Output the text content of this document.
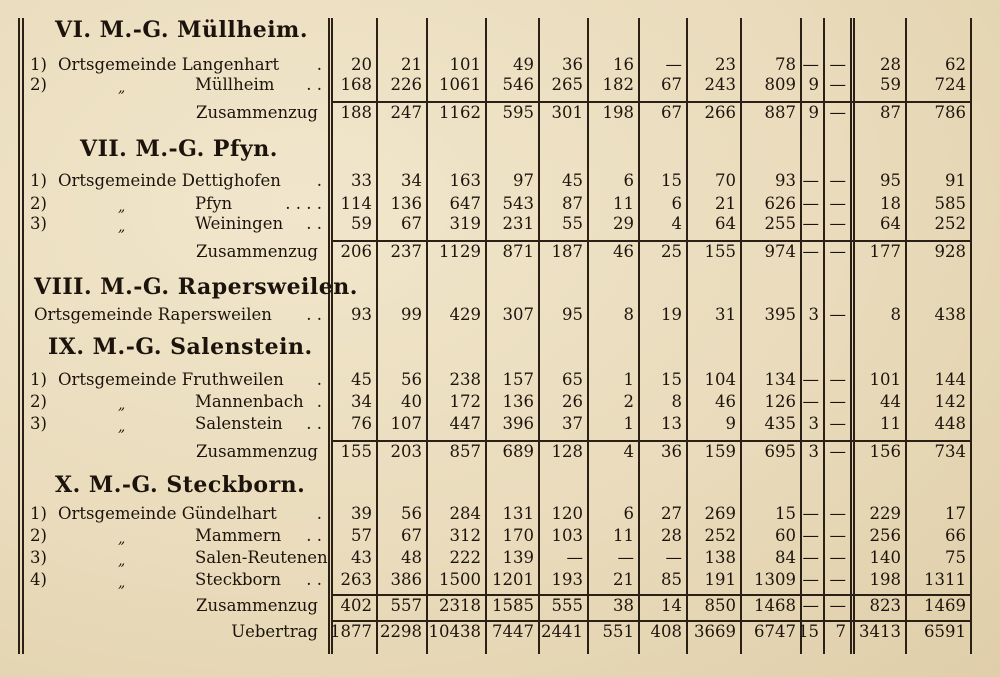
VI. M.-G. Müllheim.
1) Ortsgemeinde Langenhart . 20 21 101 49 36 16 — 23 78 — — 28	62
2)	„	Müllheim . . 168 226 1061 546 265 182 67 243 809 9 — 59 724
Zusammenzug 188 247 1162 595 301 198 67 266 887 9 — 87 786
VII. M.-G. Pfyn.
1) Ortsgemeinde Dettighofen . 33 34 163 97 45 6 15 70 93 — — 95	91
2)	„	Pfyn	. . . . 114 136 647 543 87 11 6 21 626 — — 18 585
3)	„	Weiningen . . 59 67 319 231 55 29 4 64 255 — — 64 252
Zusammenzug 206 237 1129 871 187 46 25 155 974 — — 177 928
VIII. M.-G. Rapersweilen.
Ortsgemeinde Rapersweilen . . 93 99 429 307 95 8 19 31 395 3 —	8 438
IX. M.-G. Salenstein.
1) Ortsgemeinde Fruthweilen . 45 56 238 157 65 1 15 104 134 — — 101 144
2)	„	Mannenbach . 34 40 172 136 26 2 8 46 126 — — 44 142
3)	„	Salenstein . . 76 107 447 396 37 1 13	9 435 3 — 11 448
Zusammenzug 155 203 857 689 128 4 36 159 695 3 — 156 734
X. M.-G. Steckborn.
1) Ortsgemeinde Gündelhart . 39 56 284 131 120 6 27 269 15 — — 229	17
2)	„	Mammern . . 57 67 312 170 103 11 28 252 60 — — 256	66
3)	„	Salen-Reutenen 43 48 222 139 — — — 138 84 — — 140	75
4)	„	Steckborn . . 263 386 1500 1201 193 21 85 191 1309 — — 198 1311
Zusammenzug 402 557 2318 1585 555 38 14 850 1468 — — 823 1469
Uebertrag 1877 2298 10438 7447 2441 551 408 3669 6747 15 7 3413 6591
